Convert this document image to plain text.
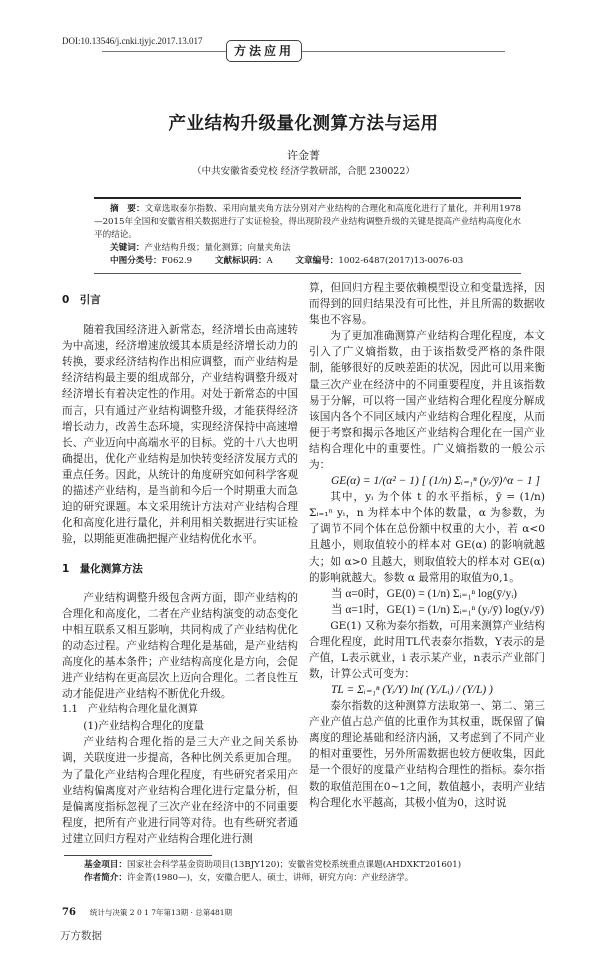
DOI:10.13546/j.cnki.tjyjc.2017.13.017
方法应用
产业结构升级量化测算方法与运用
许金菁
（中共安徽省委党校 经济学教研部，合肥 230022）
摘　要：文章选取泰尔指数、采用向量夹角方法分别对产业结构的合理化和高度化进行了量化，并利用1978—2015年全国和安徽省相关数据进行了实证检验，得出现阶段产业结构调整升级的关键是提高产业结构高度化水平的结论。
关键词：产业结构升级；量化测算；向量夹角法
中图分类号：F062.9	文献标识码：A	文章编号：1002-6487(2017)13-0076-03

0　引言

随着我国经济进入新常态，经济增长由高速转为中高速，经济增速放缓其本质是经济增长动力的转换，要求经济结构作出相应调整，而产业结构是经济结构最主要的组成部分，产业结构调整升级对经济增长有着决定性的作用。对处于新常态的中国而言，只有通过产业结构调整升级，才能获得经济增长动力，改善生态环境，实现经济保持中高速增长、产业迈向中高端水平的目标。党的十八大也明确提出，优化产业结构是加快转变经济发展方式的重点任务。因此，从统计的角度研究如何科学客观的描述产业结构，是当前和今后一个时期重大而急迫的研究课题。本文采用统计方法对产业结构合理化和高度化进行量化，并利用相关数据进行实证检验，以期能更准确把握产业结构优化水平。

1　量化测算方法

产业结构调整升级包含两方面，即产业结构的合理化和高度化，二者在产业结构演变的动态变化中相互联系又相互影响，共同构成了产业结构优化的动态过程。产业结构合理化是基础，是产业结构高度化的基本条件；产业结构高度化是方向，会促进产业结构在更高层次上迈向合理化。二者良性互动才能促进产业结构不断优化升级。

1.1　产业结构合理化量化测算

(1)产业结构合理化的度量

产业结构合理化指的是三大产业之间关系协调，关联度进一步提高，各种比例关系更加合理。为了量化产业结构合理化程度，有些研究者采用产业结构偏离度对产业结构合理化进行定量分析，但是偏离度指标忽视了三次产业在经济中的不同重要程度，把所有产业进行同等对待。也有些研究者通过建立回归方程对产业结构合理化进行测

算，但回归方程主要依赖模型设立和变量选择，因而得到的回归结果没有可比性，并且所需的数据收集也不容易。

为了更加准确测算产业结构合理化程度，本文引入了广义熵指数，由于该指数受严格的条件限制，能够很好的反映差距的状况，因此可以用来衡量三次产业在经济中的不同重要程度，并且该指数易于分解，可以将一国产业结构合理化程度分解成该国内各个不同区域内产业结构合理化程度，从而便于考察和揭示各地区产业结构合理化在一国产业结构合理化中的重要性。广义熵指数的一般公示为：

GE(α) = 1/(α² − 1) [ (1/n) Σᵢ₌₁ⁿ (yᵢ/ȳ)^α − 1 ]

其中，yᵢ 为个体 t 的水平指标，ȳ = (1/n) Σᵢ₌₁ⁿ yᵢ，n 为样本中个体的数量，α 为参数，为了调节不同个体在总份额中权重的大小，若 α<0 且越小，则取值较小的样本对 GE(α) 的影响就越大；如 α>0 且越大，则取值较大的样本对 GE(α) 的影响就越大。参数 α 最常用的取值为0,1。

当 α=0时，GE(0) = (1/n) Σᵢ₌₁ⁿ log(ȳ/yᵢ)

当 α=1时，GE(1) = (1/n) Σᵢ₌₁ⁿ (yᵢ/ȳ) log(yᵢ/ȳ)

GE(1) 又称为泰尔指数，可用来测算产业结构合理化程度，此时用TL代表泰尔指数，Y表示的是产值，L表示就业，i 表示某产业，n表示产业部门数，计算公式可变为：

TL = Σᵢ₌₁ⁿ (Yᵢ/Y) ln( (Yᵢ/Lᵢ) / (Y/L) )

泰尔指数的这种测算方法取第一、第二、第三产业产值占总产值的比重作为其权重，既保留了偏离度的理论基础和经济内涵，又考虑到了不同产业的相对重要性，另外所需数据也较方便收集，因此是一个很好的度量产业结构合理性的指标。泰尔指数的取值范围在0~1之间，数值越小，表明产业结构合理化水平越高，其极小值为0，这时说

基金项目：国家社会科学基金资助项目(13BJY120)；安徽省党校系统重点课题(AHDXKT201601)
作者简介：许金菁(1980—)，女，安徽合肥人，硕士，讲师，研究方向：产业经济学。
76 统计与决策 2 0 1 7年第13期 · 总第481期
万方数据
